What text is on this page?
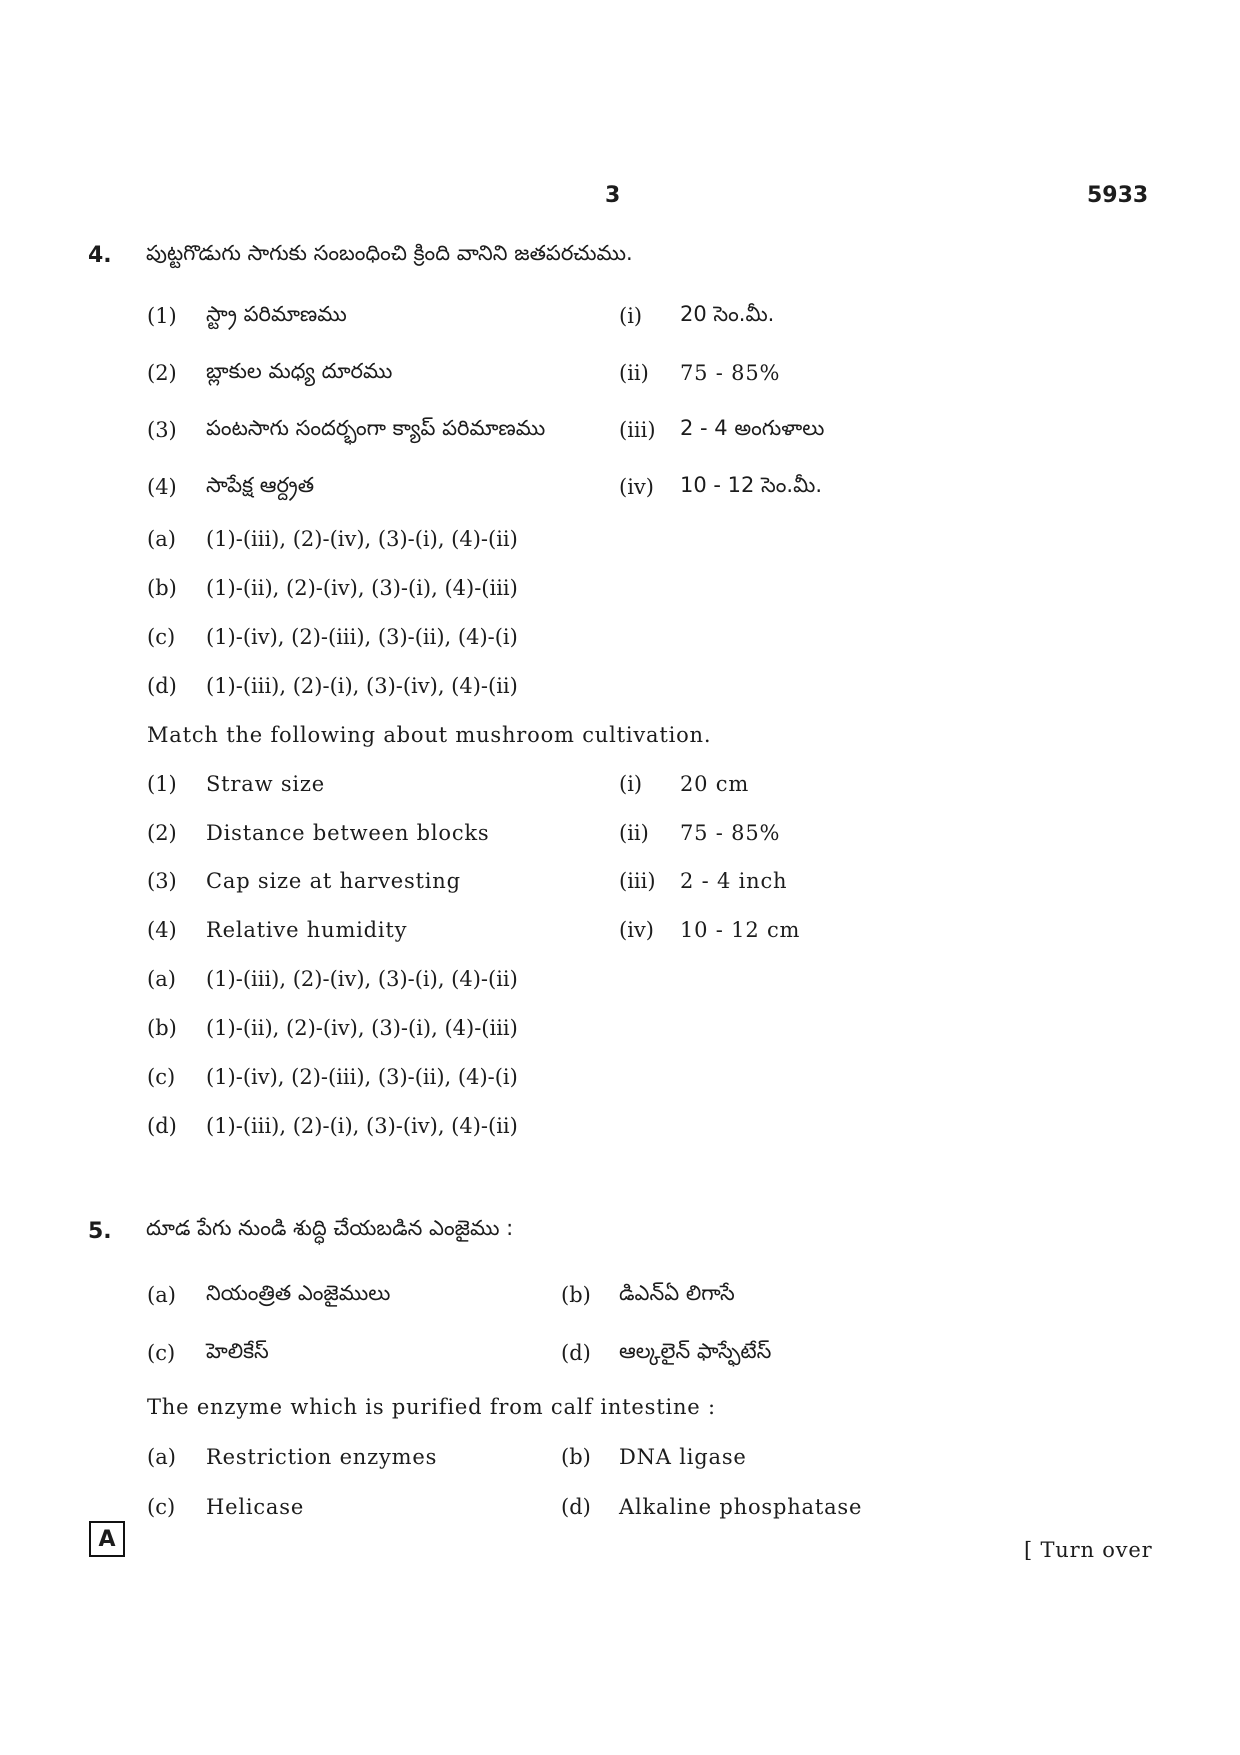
3	5933
4. పుట్టగొడుగు సాగుకు సంబంధించి క్రింది వానిని జతపరచుము.
(1) స్ట్రా పరిమాణము	(i) 20 సెం.మీ.
(2) బ్లాకుల మధ్య దూరము	(ii) 75 - 85%
(3) పంటసాగు సందర్భంగా క్యాప్ పరిమాణము	(iii) 2 - 4 అంగుళాలు
(4) సాపేక్ష ఆర్ద్రత	(iv) 10 - 12 సెం.మీ.
(a) (1)-(iii), (2)-(iv), (3)-(i), (4)-(ii)
(b) (1)-(ii), (2)-(iv), (3)-(i), (4)-(iii)
(c) (1)-(iv), (2)-(iii), (3)-(ii), (4)-(i)
(d) (1)-(iii), (2)-(i), (3)-(iv), (4)-(ii)
Match the following about mushroom cultivation.
(1) Straw size	(i) 20 cm
(2) Distance between blocks	(ii) 75 - 85%
(3) Cap size at harvesting	(iii) 2 - 4 inch
(4) Relative humidity	(iv) 10 - 12 cm
(a) (1)-(iii), (2)-(iv), (3)-(i), (4)-(ii)
(b) (1)-(ii), (2)-(iv), (3)-(i), (4)-(iii)
(c) (1)-(iv), (2)-(iii), (3)-(ii), (4)-(i)
(d) (1)-(iii), (2)-(i), (3)-(iv), (4)-(ii)
5. దూడ పేగు నుండి శుద్ధి చేయబడిన ఎంజైము :
(a) నియంత్రిత ఎంజైములు	(b) డిఎన్ఏ లిగాసే
(c) హెలికేస్	(d) ఆల్కలైన్ ఫాస్ఫేటేస్
The enzyme which is purified from calf intestine :
(a) Restriction enzymes	(b) DNA ligase
(c) Helicase	(d) Alkaline phosphatase
A	[ Turn over
